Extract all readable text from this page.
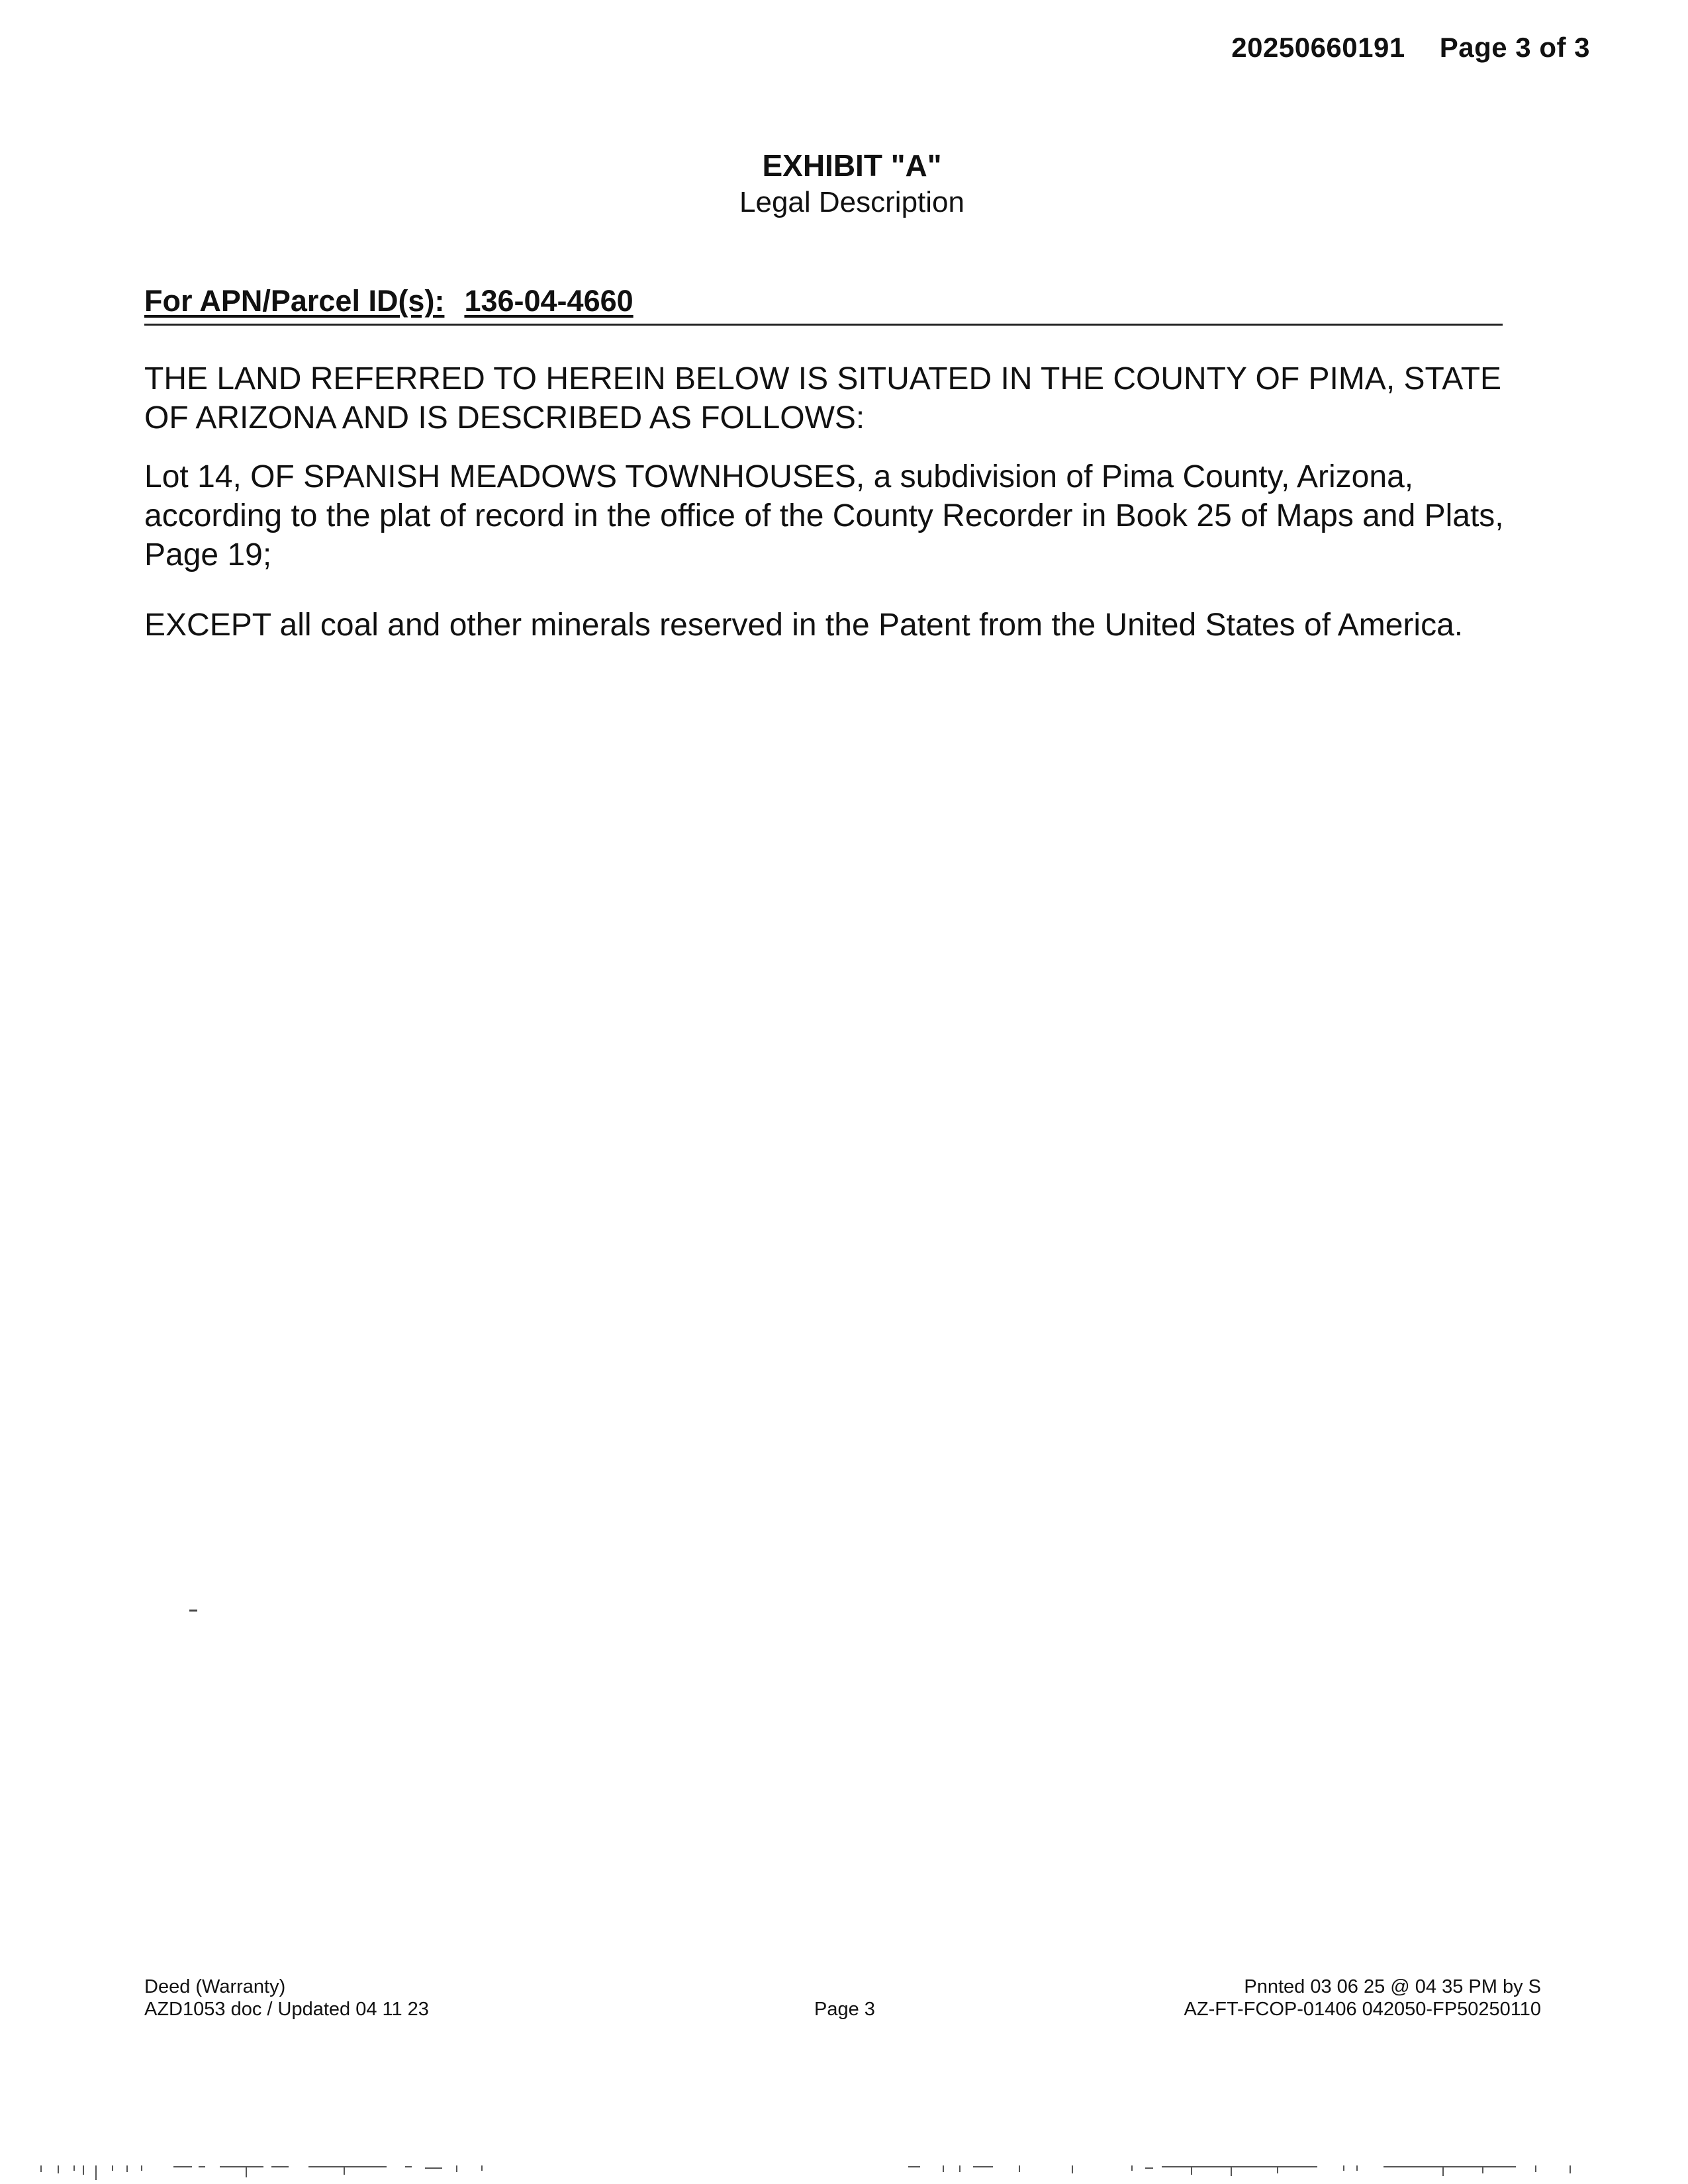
20250660191 Page 3 of 3
EXHIBIT "A"
Legal Description
For APN/Parcel ID(s): 136-04-4660
THE LAND REFERRED TO HEREIN BELOW IS SITUATED IN THE COUNTY OF PIMA, STATE OF ARIZONA AND IS DESCRIBED AS FOLLOWS:
Lot 14, OF SPANISH MEADOWS TOWNHOUSES, a subdivision of Pima County, Arizona, according to the plat of record in the office of the County Recorder in Book 25 of Maps and Plats, Page 19;
EXCEPT all coal and other minerals reserved in the Patent from the United States of America.
Deed (Warranty)
AZD1053 doc / Updated 04 11 23	Page 3
Pnnted 03 06 25 @ 04 35 PM by S
AZ-FT-FCOP-01406 042050-FP50250110
